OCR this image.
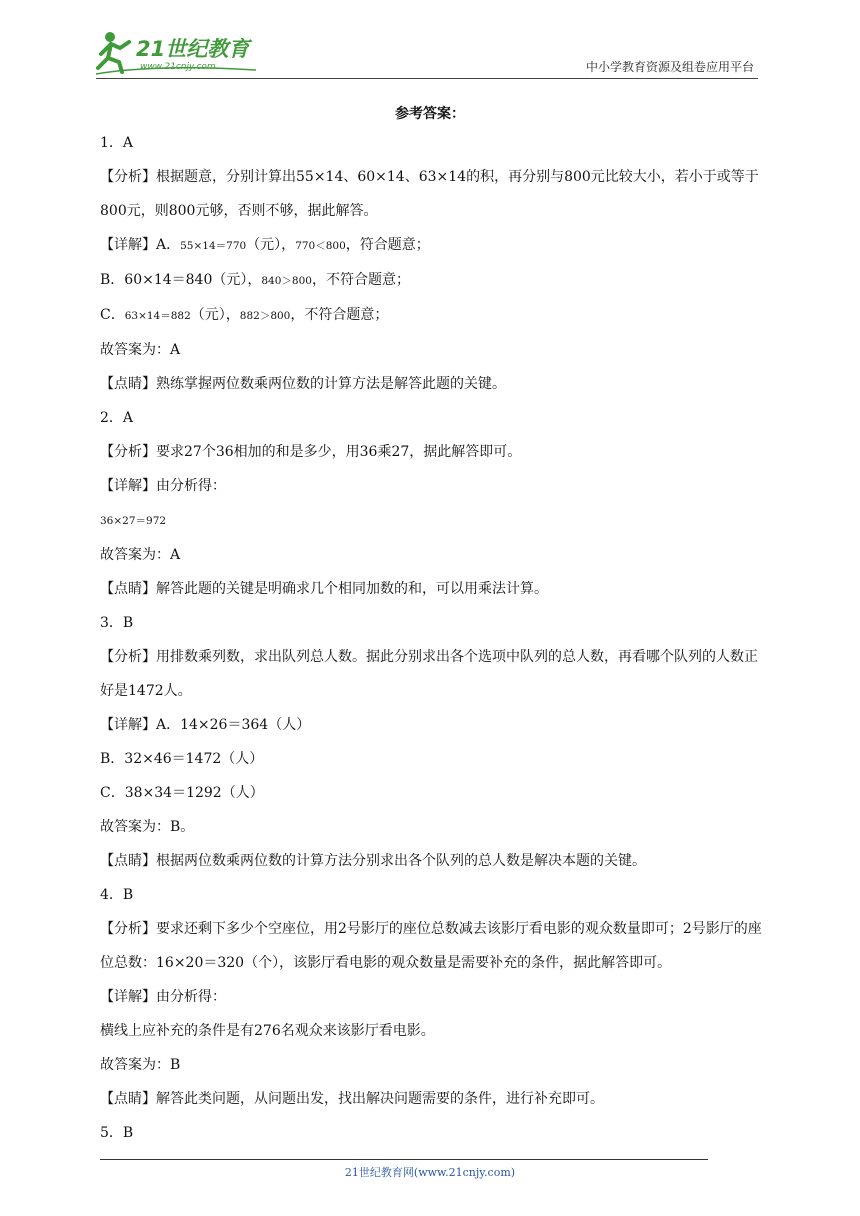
21世纪教育
www.21cnjy.com	中小学教育资源及组卷应用平台
参考答案：
1．A
【分析】根据题意，分别计算出55×14、60×14、63×14的积，再分别与800元比较大小，若小于或等于800元，则800元够，否则不够，据此解答。
【详解】A．55×14＝770（元），770＜800，符合题意；
B．60×14＝840（元），840＞800，不符合题意；
C．63×14＝882（元），882＞800，不符合题意；
故答案为：A
【点睛】熟练掌握两位数乘两位数的计算方法是解答此题的关键。
2．A
【分析】要求27个36相加的和是多少，用36乘27，据此解答即可。
【详解】由分析得：
36×27＝972
故答案为：A
【点睛】解答此题的关键是明确求几个相同加数的和，可以用乘法计算。
3．B
【分析】用排数乘列数，求出队列总人数。据此分别求出各个选项中队列的总人数，再看哪个队列的人数正好是1472人。
【详解】A．14×26＝364（人）
B．32×46＝1472（人）
C．38×34＝1292（人）
故答案为：B。
【点睛】根据两位数乘两位数的计算方法分别求出各个队列的总人数是解决本题的关键。
4．B
【分析】要求还剩下多少个空座位，用2号影厅的座位总数减去该影厅看电影的观众数量即可；2号影厅的座位总数：16×20＝320（个），该影厅看电影的观众数量是需要补充的条件，据此解答即可。
【详解】由分析得：
横线上应补充的条件是有276名观众来该影厅看电影。
故答案为：B
【点睛】解答此类问题，从问题出发，找出解决问题需要的条件，进行补充即可。
5．B
21世纪教育网(www.21cnjy.com)
